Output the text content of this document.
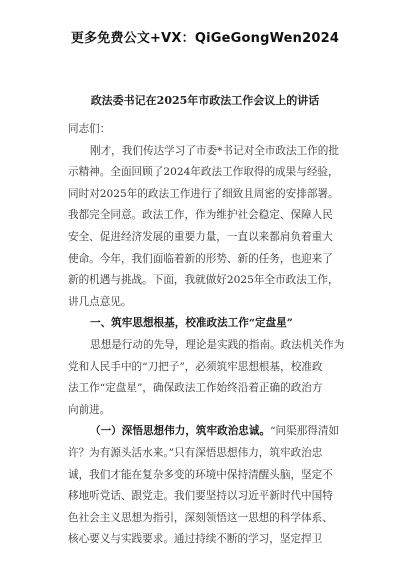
更多免费公文+VX：QiGeGongWen2024
政法委书记在2025年市政法工作会议上的讲话
同志们：
刚才，我们传达学习了市委*书记对全市政法工作的批
示精神。全面回顾了2024年政法工作取得的成果与经验，
同时对2025年的政法工作进行了细致且周密的安排部署。
我都完全同意。政法工作，作为维护社会稳定、保障人民
安全、促进经济发展的重要力量，一直以来都肩负着重大
使命。今年，我们面临着新的形势、新的任务，也迎来了
新的机遇与挑战。下面，我就做好2025年全市政法工作，
讲几点意见。
一、筑牢思想根基，校准政法工作“定盘星”
思想是行动的先导，理论是实践的指南。政法机关作为
党和人民手中的“刀把子”，必须筑牢思想根基，校准政
法工作“定盘星”，确保政法工作始终沿着正确的政治方
向前进。
（一）深悟思想伟力，筑牢政治忠诚。“问渠那得清如
许？为有源头活水来。”只有深悟思想伟力，筑牢政治忠
诚，我们才能在复杂多变的环境中保持清醒头脑，坚定不
移地听党话、跟党走。我们要坚持以习近平新时代中国特
色社会主义思想为指引，深刻领悟这一思想的科学体系、
核心要义与实践要求。通过持续不断的学习，坚定捍卫
